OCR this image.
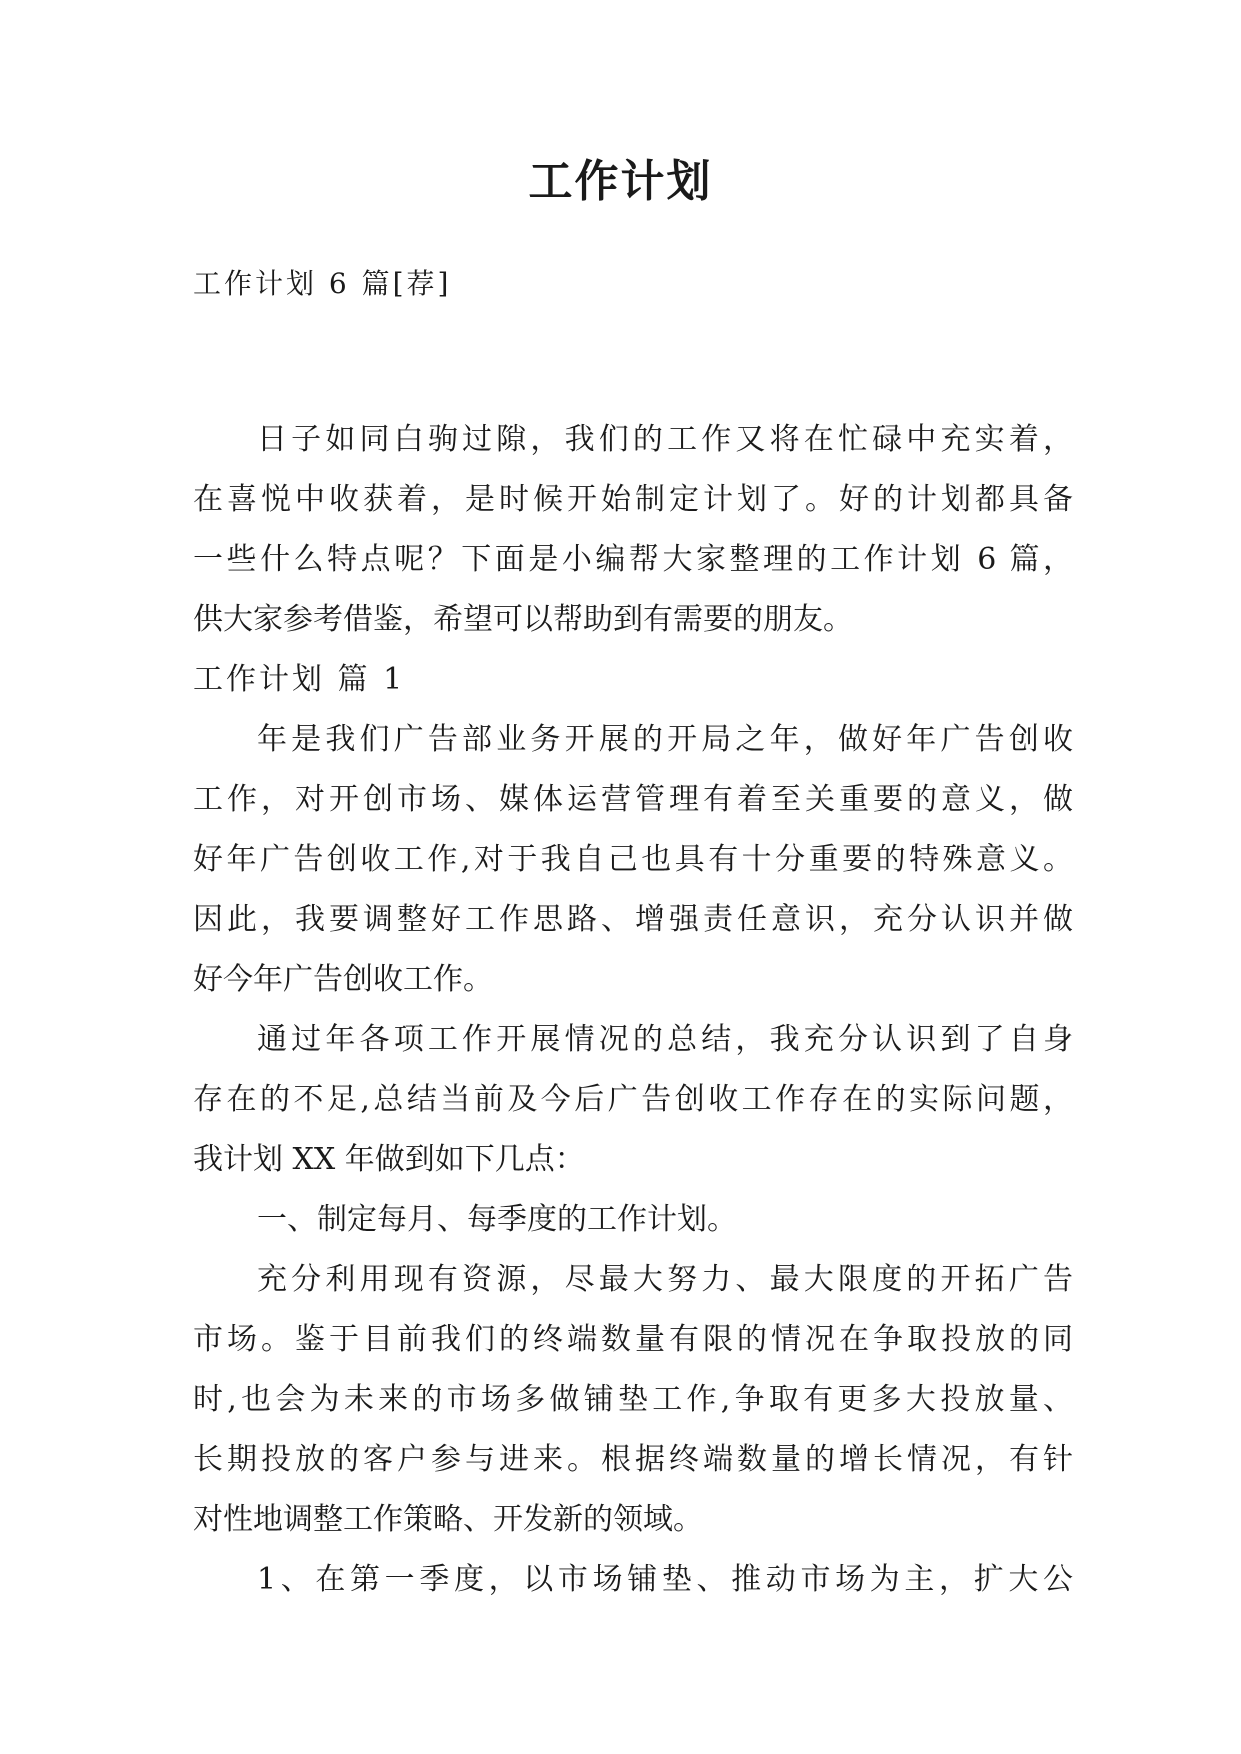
工作计划
工作计划 6 篇[荐]
日子如同白驹过隙，我们的工作又将在忙碌中充实着，
在喜悦中收获着，是时候开始制定计划了。好的计划都具备
一些什么特点呢？下面是小编帮大家整理的工作计划 6 篇，
供大家参考借鉴，希望可以帮助到有需要的朋友。
工作计划 篇 1
年是我们广告部业务开展的开局之年，做好年广告创收
工作，对开创市场、媒体运营管理有着至关重要的意义，做
好年广告创收工作,对于我自己也具有十分重要的特殊意义。
因此，我要调整好工作思路、增强责任意识，充分认识并做
好今年广告创收工作。
通过年各项工作开展情况的总结，我充分认识到了自身
存在的不足,总结当前及今后广告创收工作存在的实际问题，
我计划 XX 年做到如下几点：
一、制定每月、每季度的工作计划。
充分利用现有资源，尽最大努力、最大限度的开拓广告
市场。鉴于目前我们的终端数量有限的情况在争取投放的同
时,也会为未来的市场多做铺垫工作,争取有更多大投放量、
长期投放的客户参与进来。根据终端数量的增长情况，有针
对性地调整工作策略、开发新的领域。
1、在第一季度，以市场铺垫、推动市场为主，扩大公
